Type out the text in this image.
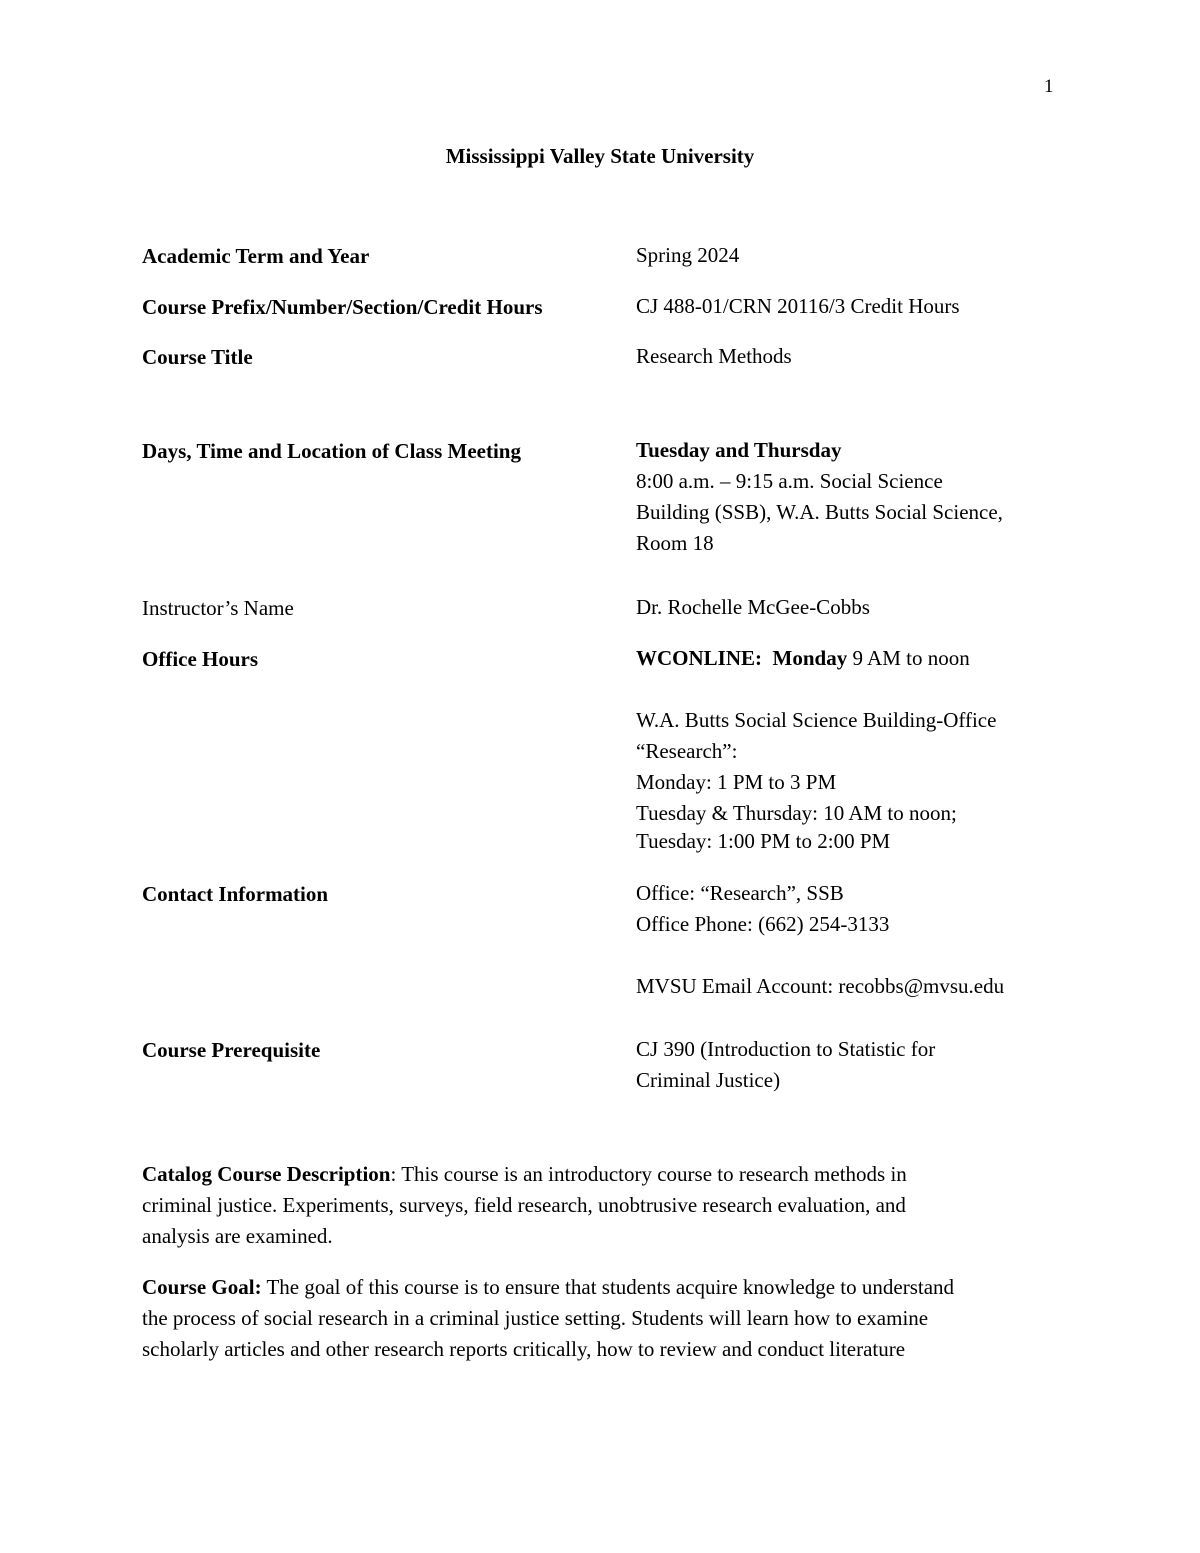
1
Mississippi Valley State University
Academic Term and Year	Spring 2024
Course Prefix/Number/Section/Credit Hours	CJ 488-01/CRN 20116/3 Credit Hours
Course Title	Research Methods
Days, Time and Location of Class Meeting	Tuesday and Thursday
8:00 a.m. – 9:15 a.m. Social Science
Building (SSB), W.A. Butts Social Science,
Room 18
Instructor’s Name	Dr. Rochelle McGee-Cobbs
Office Hours	WCONLINE: Monday 9 AM to noon
W.A. Butts Social Science Building-Office
“Research”:
Monday: 1 PM to 3 PM
Tuesday & Thursday: 10 AM to noon;
Tuesday: 1:00 PM to 2:00 PM
Contact Information	Office: “Research”, SSB
Office Phone: (662) 254-3133
MVSU Email Account: recobbs@mvsu.edu
Course Prerequisite	CJ 390 (Introduction to Statistic for
Criminal Justice)
Catalog Course Description: This course is an introductory course to research methods in
criminal justice. Experiments, surveys, field research, unobtrusive research evaluation, and
analysis are examined.
Course Goal: The goal of this course is to ensure that students acquire knowledge to understand
the process of social research in a criminal justice setting. Students will learn how to examine
scholarly articles and other research reports critically, how to review and conduct literature
